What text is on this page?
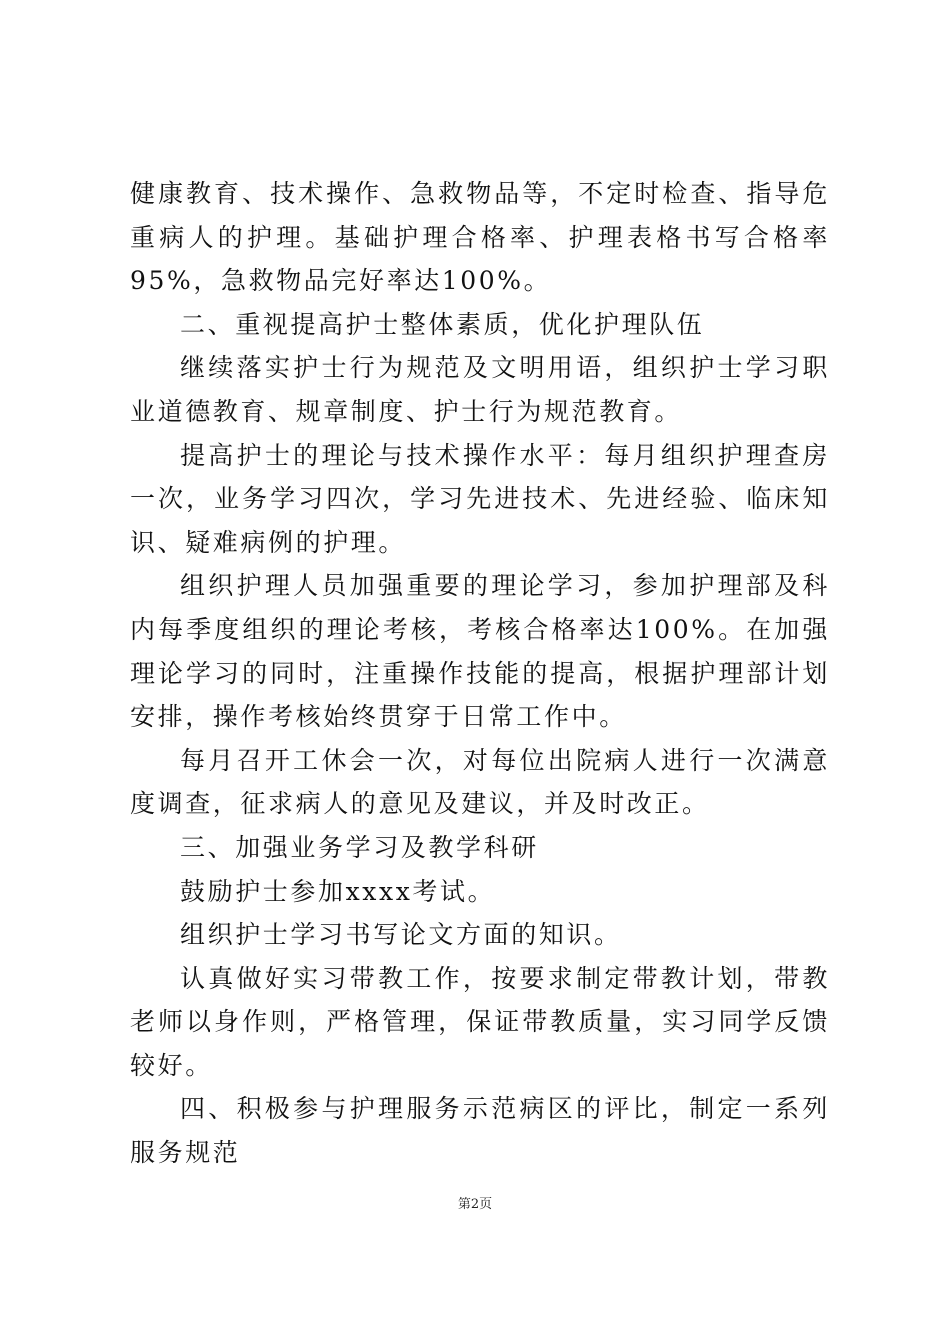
健康教育、技术操作、急救物品等，不定时检查、指导危重病人的护理。基础护理合格率、护理表格书写合格率95%，急救物品完好率达100%。

二、重视提高护士整体素质，优化护理队伍

继续落实护士行为规范及文明用语，组织护士学习职业道德教育、规章制度、护士行为规范教育。

提高护士的理论与技术操作水平：每月组织护理查房一次，业务学习四次，学习先进技术、先进经验、临床知识、疑难病例的护理。

组织护理人员加强重要的理论学习，参加护理部及科内每季度组织的理论考核，考核合格率达100%。在加强理论学习的同时，注重操作技能的提高，根据护理部计划安排，操作考核始终贯穿于日常工作中。

每月召开工休会一次，对每位出院病人进行一次满意度调查，征求病人的意见及建议，并及时改正。

三、加强业务学习及教学科研

鼓励护士参加xxxx考试。

组织护士学习书写论文方面的知识。

认真做好实习带教工作，按要求制定带教计划，带教老师以身作则，严格管理，保证带教质量，实习同学反馈较好。

四、积极参与护理服务示范病区的评比，制定一系列服务规范

第2页
